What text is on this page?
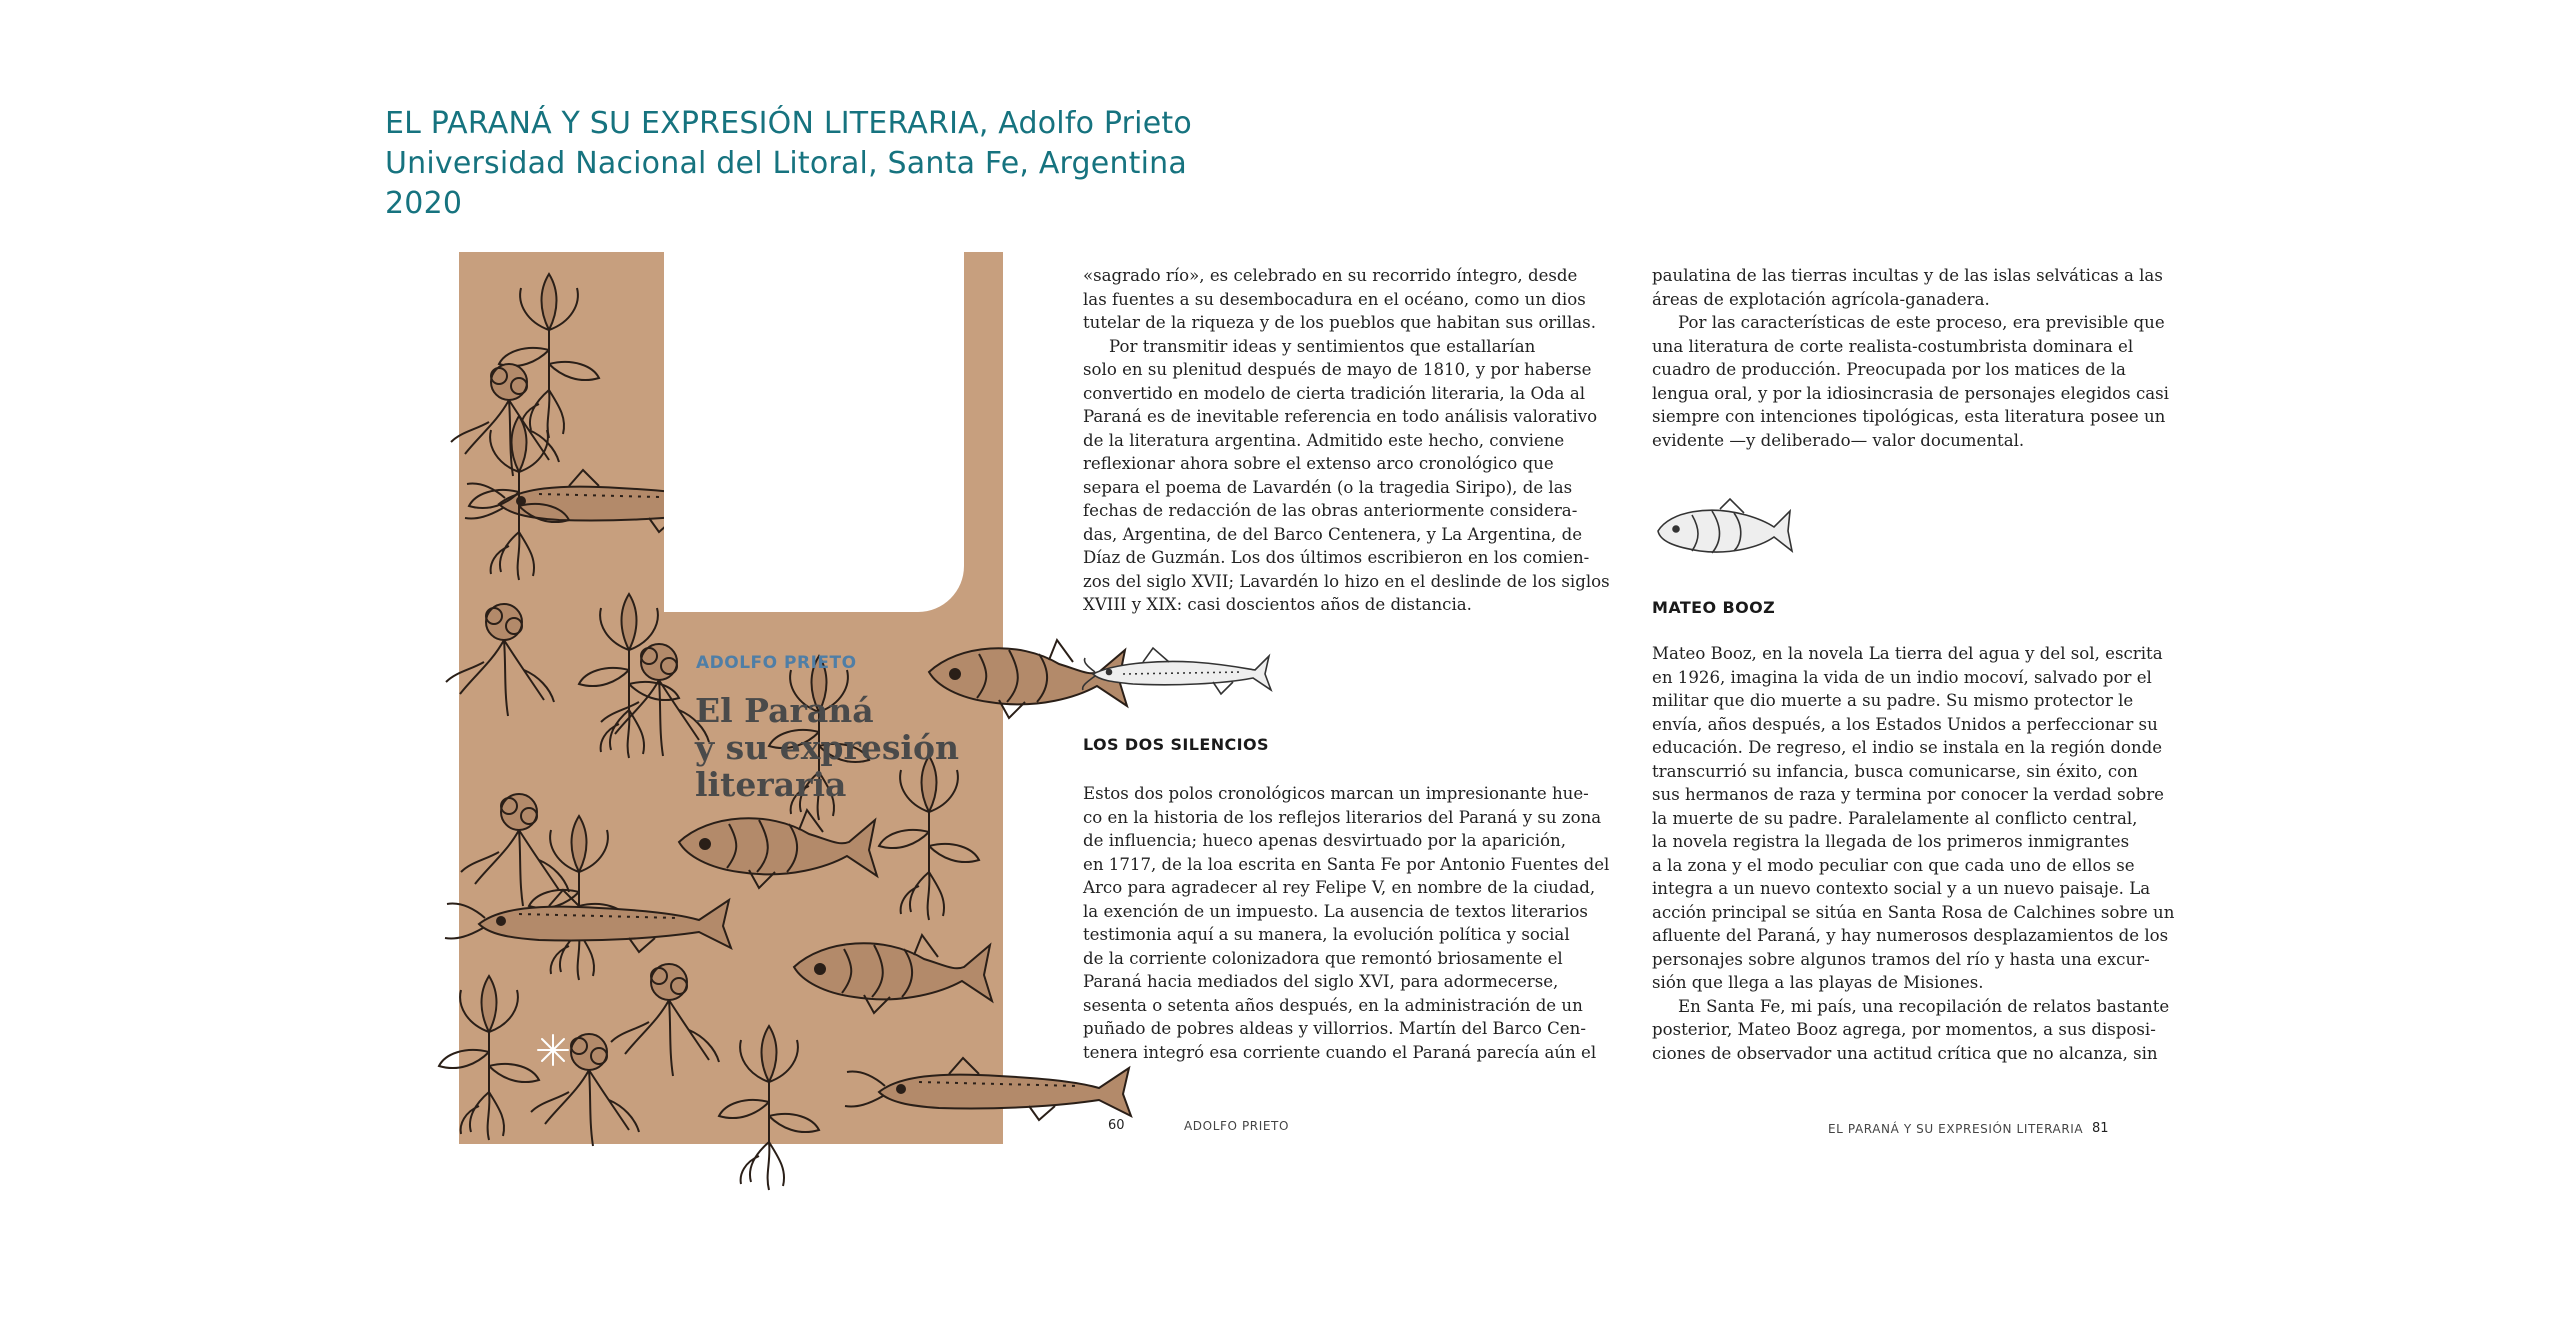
EL PARANÁ Y SU EXPRESIÓN LITERARIA, Adolfo Prieto
Universidad Nacional del Litoral, Santa Fe, Argentina
2020
ADOLFO PRIETO
El Paraná
y su expresión
literaria
ediciones UNL

«sagrado río», es celebrado en su recorrido íntegro, desde

las fuentes a su desembocadura en el océano, como un dios

tutelar de la riqueza y de los pueblos que habitan sus orillas.

Por transmitir ideas y sentimientos que estallarían

solo en su plenitud después de mayo de 1810, y por haberse

convertido en modelo de cierta tradición literaria, la Oda al

Paraná es de inevitable referencia en todo análisis valorativo

de la literatura argentina. Admitido este hecho, conviene

reflexionar ahora sobre el extenso arco cronológico que

separa el poema de Lavardén (o la tragedia Siripo), de las

fechas de redacción de las obras anteriormente considera-

das, Argentina, de del Barco Centenera, y La Argentina, de

Díaz de Guzmán. Los dos últimos escribieron en los comien-

zos del siglo XVII; Lavardén lo hizo en el deslinde de los siglos

XVIII y XIX: casi doscientos años de distancia.

LOS DOS SILENCIOS

Estos dos polos cronológicos marcan un impresionante hue-

co en la historia de los reflejos literarios del Paraná y su zona

de influencia; hueco apenas desvirtuado por la aparición,

en 1717, de la loa escrita en Santa Fe por Antonio Fuentes del

Arco para agradecer al rey Felipe V, en nombre de la ciudad,

la exención de un impuesto. La ausencia de textos literarios

testimonia aquí a su manera, la evolución política y social

de la corriente colonizadora que remontó briosamente el

Paraná hacia mediados del siglo XVI, para adormecerse,

sesenta o setenta años después, en la administración de un

puñado de pobres aldeas y villorrios. Martín del Barco Cen-

tenera integró esa corriente cuando el Paraná parecía aún el

60	ADOLFO PRIETO

paulatina de las tierras incultas y de las islas selváticas a las

áreas de explotación agrícola-ganadera.

Por las características de este proceso, era previsible que

una literatura de corte realista-costumbrista dominara el

cuadro de producción. Preocupada por los matices de la

lengua oral, y por la idiosincrasia de personajes elegidos casi

siempre con intenciones tipológicas, esta literatura posee un

evidente —y deliberado— valor documental.

MATEO BOOZ

Mateo Booz, en la novela La tierra del agua y del sol, escrita

en 1926, imagina la vida de un indio mocoví, salvado por el

militar que dio muerte a su padre. Su mismo protector le

envía, años después, a los Estados Unidos a perfeccionar su

educación. De regreso, el indio se instala en la región donde

transcurrió su infancia, busca comunicarse, sin éxito, con

sus hermanos de raza y termina por conocer la verdad sobre

la muerte de su padre. Paralelamente al conflicto central,

la novela registra la llegada de los primeros inmigrantes

a la zona y el modo peculiar con que cada uno de ellos se

integra a un nuevo contexto social y a un nuevo paisaje. La

acción principal se sitúa en Santa Rosa de Calchines sobre un

afluente del Paraná, y hay numerosos desplazamientos de los

personajes sobre algunos tramos del río y hasta una excur-

sión que llega a las playas de Misiones.

En Santa Fe, mi país, una recopilación de relatos bastante

posterior, Mateo Booz agrega, por momentos, a sus disposi-

ciones de observador una actitud crítica que no alcanza, sin

EL PARANÁ Y SU EXPRESIÓN LITERARIA 81
